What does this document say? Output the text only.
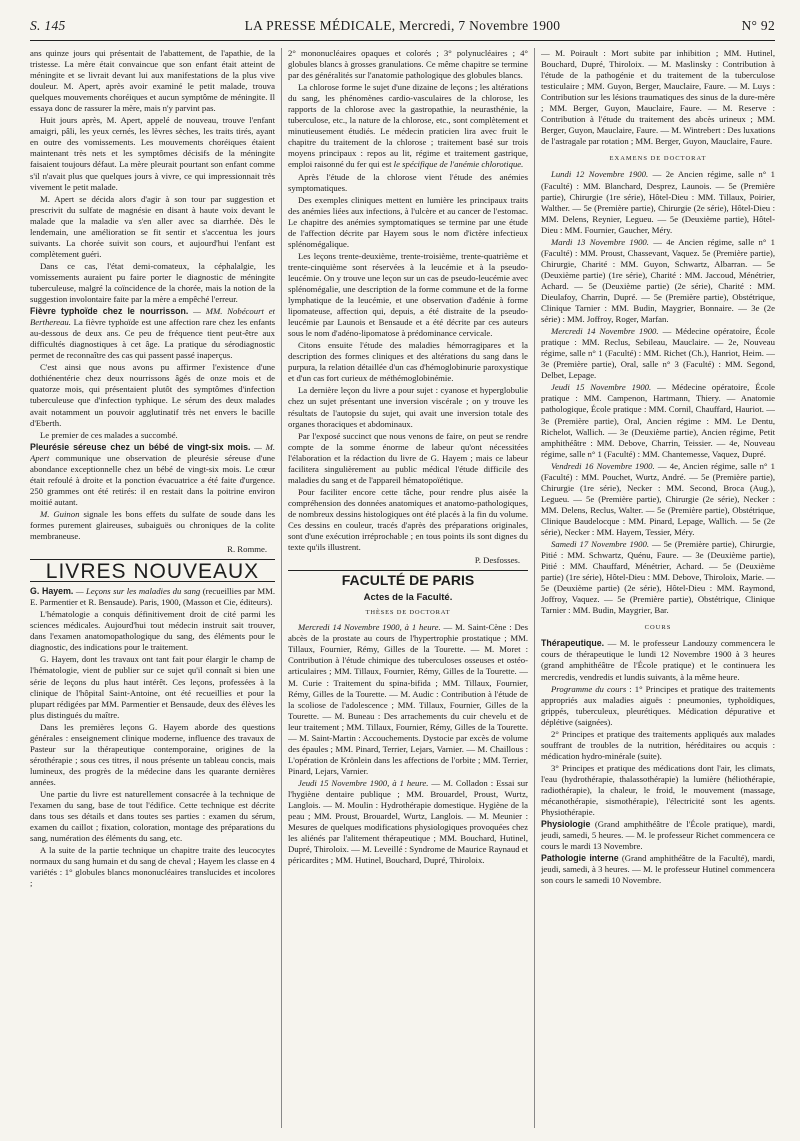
S. 145	LA PRESSE MÉDICALE, Mercredi, 7 Novembre 1900	N° 92

ans quinze jours qui présentait de l'abattement, de l'apathie, de la tristesse. La mère était convaincue que son enfant était atteint de méningite et se livrait devant lui aux manifestations de la plus vive douleur. M. Apert, après avoir examiné le petit malade, trouva quelques mouvements choréiques et aucun symptôme de méningite. Il essaya donc de rassurer la mère, mais n'y parvint pas.

Huit jours après, M. Apert, appelé de nouveau, trouve l'enfant amaigri, pâli, les yeux cernés, les lèvres sèches, les traits tirés, ayant en outre des vomissements. Les mouvements choréiques étaient maintenant très nets et les symptômes décisifs de la méningite faisaient toujours défaut. La mère pleurait pourtant son enfant comme s'il n'avait plus que quelques jours à vivre, ce qui impressionnait très vivement le petit malade.

M. Apert se décida alors d'agir à son tour par suggestion et prescrivit du sulfate de magnésie en disant à haute voix devant le malade que la maladie va s'en aller avec sa diarrhée. Dès le lendemain, une amélioration se fit sentir et s'accentua les jours suivants. La chorée suivit son cours, et aujourd'hui l'enfant est complètement guéri.

Dans ce cas, l'état demi-comateux, la céphalalgie, les vomissements auraient pu faire porter le diagnostic de méningite tuberculeuse, malgré la coïncidence de la chorée, mais la notion de la suggestion involontaire faite par la mère a empêché l'erreur.

Fièvre typhoïde chez le nourrisson. — MM. Nobécourt et Berthereau. La fièvre typhoïde est une affection rare chez les enfants au-dessous de deux ans. Ce peu de fréquence tient peut-être aux difficultés diagnostiques à cet âge. La pratique du sérodiagnostic permet de reconnaître des cas qui passent passé inaperçus.

C'est ainsi que nous avons pu affirmer l'existence d'une dothiénentérie chez deux nourrissons âgés de onze mois et de quatorze mois, qui présentaient plutôt des symptômes d'infection tuberculeuse que d'infection typhique. Le sérum des deux malades avait notamment un pouvoir agglutinatif très net envers le bacille d'Eberth.

Le premier de ces malades a succombé.

Pleurésie séreuse chez un bébé de vingt-six mois. — M. Apert communique une observation de pleurésie séreuse d'une abondance exceptionnelle chez un bébé de vingt-six mois. Le cœur était refoulé à droite et la ponction évacuatrice a été faite d'urgence. 250 grammes ont été retirés: il en restait dans la poitrine environ moitié autant.

M. Guinon signale les bons effets du sulfate de soude dans les formes purement glaireuses, subaiguës ou chroniques de la colite membraneuse.

R. Romme.

LIVRES NOUVEAUX

G. Hayem. — Leçons sur les maladies du sang (recueillies par MM. E. Parmentier et R. Bensaude). Paris, 1900, (Masson et Cie, éditeurs).

L'hématologie a conquis définitivement droit de cité parmi les sciences médicales. Aujourd'hui tout médecin instruit sait trouver, dans l'examen anatomopathologique du sang, des éléments pour le diagnostic, des indications pour le traitement.

G. Hayem, dont les travaux ont tant fait pour élargir le champ de l'hématologie, vient de publier sur ce sujet qu'il connaît si bien une série de leçons du plus haut intérêt. Ces leçons, professées à la clinique de l'hôpital Saint-Antoine, ont été recueillies et pour la plupart rédigées par MM. Parmentier et Bensaude, deux des élèves les plus distingués du maître.

Dans les premières leçons G. Hayem aborde des questions générales : enseignement clinique moderne, influence des travaux de Pasteur sur la thérapeutique contemporaine, origines de la sérothérapie ; sous ces titres, il nous présente un tableau concis, mais lumineux, des progrès de la médecine dans les quarante dernières années.

Une partie du livre est naturellement consacrée à la technique de l'examen du sang, base de tout l'édifice. Cette technique est décrite dans tous ses détails et dans toutes ses parties : examen du sérum, examen du caillot ; fixation, coloration, montage des préparations du sang, numération des éléments du sang, etc.

A la suite de la partie technique un chapitre traite des leucocytes normaux du sang humain et du sang de cheval ; Hayem les classe en 4 variétés : 1° globules blancs mononucléaires translucides et incolores ;

2° mononucléaires opaques et colorés ; 3° polynucléaires ; 4° globules blancs à grosses granulations. Ce même chapitre se termine par des généralités sur l'anatomie pathologique des globules blancs.

La chlorose forme le sujet d'une dizaine de leçons ; les altérations du sang, les phénomènes cardio-vasculaires de la chlorose, les rapports de la chlorose avec la gastropathie, la neurasthénie, la tuberculose, etc., la nature de la chlorose, etc., sont complètement et minutieusement étudiés. Le médecin praticien lira avec fruit le chapitre du traitement de la chlorose ; traitement basé sur trois moyens principaux : repos au lit, régime et traitement gastrique, emploi raisonné du fer qui est le spécifique de l'anémie chlorotique.

Après l'étude de la chlorose vient l'étude des anémies symptomatiques.

Des exemples cliniques mettent en lumière les principaux traits des anémies liées aux infections, à l'ulcère et au cancer de l'estomac. Le chapitre des anémies symptomatiques se termine par une étude de l'affection décrite par Hayem sous le nom d'ictère infectieux splénomégalique.

Les leçons trente-deuxième, trente-troisième, trente-quatrième et trente-cinquième sont réservées à la leucémie et à la pseudo-leucémie. On y trouve une leçon sur un cas de pseudo-leucémie avec splénomégalie, une description de la forme commune et de la forme lymphatique de la leucémie, et une observation d'adénie à forme lipomateuse, affection qui, depuis, a été distraite de la pseudo-leucémie par Launois et Bensaude et a été décrite par ces auteurs sous le nom d'adéno-lipomatose à prédominance cervicale.

Citons ensuite l'étude des maladies hémorragipares et la description des formes cliniques et des altérations du sang dans le purpura, la relation détaillée d'un cas d'hémoglobinurie paroxystique et d'un cas fort curieux de méthémoglobinémie.

La dernière leçon du livre a pour sujet : cyanose et hyperglobulie chez un sujet présentant une inversion viscérale ; on y trouve les résultats de l'autopsie du sujet, qui avait une inversion totale des organes thoraciques et abdominaux.

Par l'exposé succinct que nous venons de faire, on peut se rendre compte de la somme énorme de labeur qu'ont nécessitées l'élaboration et la rédaction du livre de G. Hayem ; mais ce labeur facilitera singulièrement au public médical l'étude difficile des maladies du sang et de l'appareil hématopoïétique.

Pour faciliter encore cette tâche, pour rendre plus aisée la compréhension des données anatomiques et anatomo-pathologiques, de nombreux dessins histologiques ont été placés à la fin du volume. Ces dessins en couleur, tracés d'après des préparations originales, sont d'une exécution irréprochable ; en tous points ils sont dignes du texte qu'ils illustrent.

P. Desfosses.

FACULTÉ DE PARIS
Actes de la Faculté.
THÈSES DE DOCTORAT

Mercredi 14 Novembre 1900, à 1 heure. — M. Saint-Cène : Des abcès de la prostate au cours de l'hypertrophie prostatique ; MM. Tillaux, Fournier, Rémy, Gilles de la Tourette. — M. Moret : Contribution à l'étude chimique des tuberculoses osseuses et ostéo-articulaires ; MM. Tillaux, Fournier, Rémy, Gilles de la Tourette. — M. Curie : Traitement du spina-bifida ; MM. Tillaux, Fournier, Rémy, Gilles de la Tourette. — M. Audic : Contribution à l'étude de la scoliose de l'adolescence ; MM. Tillaux, Fournier, Gilles de la Tourette. — M. Buneau : Des arrachements du cuir chevelu et de leur traitement ; MM. Tillaux, Fournier, Rémy, Gilles de la Tourette. — M. Saint-Martin : Accouchements. Dystocie par excès de volume des épaules ; MM. Pinard, Terrier, Lejars, Varnier. — M. Chaillous : L'opération de Krönlein dans les affections de l'orbite ; MM. Terrier, Pinard, Lejars, Varnier.

Jeudi 15 Novembre 1900, à 1 heure. — M. Colladon : Essai sur l'hygiène dentaire publique ; MM. Brouardel, Proust, Wurtz, Langlois. — M. Moulin : Hydrothérapie domestique. Hygiène de la peau ; MM. Proust, Brouardel, Wurtz, Langlois. — M. Meunier : Mesures de quelques modifications physiologiques provoquées chez les aliénés par l'alitement thérapeutique ; MM. Bouchard, Hutinel, Dupré, Thiroloix. — M. Leveillé : Syndrome de Maurice Raynaud et péricardites ; MM. Hutinel, Bouchard, Dupré, Thiroloix.

— M. Poirault : Mort subite par inhibition ; MM. Hutinel, Bouchard, Dupré, Thiroloix. — M. Maslinsky : Contribution à l'étude de la pathogénie et du traitement de la tuberculose testiculaire ; MM. Guyon, Berger, Mauclaire, Faure. — M. Luys : Contribution sur les lésions traumatiques des sinus de la dure-mère ; MM. Berger, Guyon, Mauclaire, Faure. — M. Reserve : Contribution à l'étude du traitement des abcès urineux ; MM. Berger, Guyon, Mauclaire, Faure. — M. Wintrebert : Des luxations de l'astragale par rotation ; MM. Berger, Guyon, Mauclaire, Faure.

EXAMENS DE DOCTORAT

Lundi 12 Novembre 1900. — 2e Ancien régime, salle n° 1 (Faculté) : MM. Blanchard, Desprez, Launois. — 5e (Première partie), Chirurgie (1re série), Hôtel-Dieu : MM. Tillaux, Poirier, Walther. — 5e (Première partie), Chirurgie (2e série), Hôtel-Dieu : MM. Delens, Reynier, Legueu. — 5e (Deuxième partie), Hôtel-Dieu : MM. Fournier, Gaucher, Méry.

Mardi 13 Novembre 1900. — 4e Ancien régime, salle n° 1 (Faculté) : MM. Proust, Chassevant, Vaquez. 5e (Première partie), Chirurgie, Charité : MM. Guyon, Schwartz, Albarran. — 5e (Deuxième partie) (1re série), Charité : MM. Jaccoud, Ménétrier, Achard. — 5e (Deuxième partie) (2e série), Charité : MM. Dieulafoy, Charrin, Dupré. — 5e (Première partie), Obstétrique, Clinique Tarnier : MM. Budin, Maygrier, Bonnaire. — 3e (2e série) : MM. Joffroy, Roger, Marfan.

Mercredi 14 Novembre 1900. — Médecine opératoire, École pratique : MM. Reclus, Sebileau, Mauclaire. — 2e, Nouveau régime, salle n° 1 (Faculté) : MM. Richet (Ch.), Hanriot, Heim. — 3e (Première partie), Oral, salle n° 3 (Faculté) : MM. Segond, Delbet, Lepage.

Jeudi 15 Novembre 1900. — Médecine opératoire, École pratique : MM. Campenon, Hartmann, Thiery. — Anatomie pathologique, École pratique : MM. Cornil, Chauffard, Hauriot. — 3e (Première partie), Oral, Ancien régime : MM. Le Dentu, Richelot, Wallich. — 3e (Deuxième partie), Ancien régime, Petit amphithéâtre : MM. Debove, Charrin, Teissier. — 4e, Nouveau régime, salle n° 1 (Faculté) : MM. Chantemesse, Vaquez, Dupré.

Vendredi 16 Novembre 1900. — 4e, Ancien régime, salle n° 1 (Faculté) : MM. Pouchet, Wurtz, André. — 5e (Première partie), Chirurgie (1re série), Necker : MM. Second, Broca (Aug.), Legueu. — 5e (Première partie), Chirurgie (2e série), Necker : MM. Delens, Reclus, Walter. — 5e (Première partie), Obstétrique, Clinique Baudelocque : MM. Pinard, Lepage, Wallich. — 5e (2e série), Necker : MM. Hayem, Tessier, Méry.

Samedi 17 Novembre 1900. — 5e (Première partie), Chirurgie, Pitié : MM. Schwartz, Quénu, Faure. — 3e (Deuxième partie), Pitié : MM. Chauffard, Ménétrier, Achard. — 5e (Deuxième partie) (1re série), Hôtel-Dieu : MM. Debove, Thiroloix, Marie. — 5e (Deuxième partie) (2e série), Hôtel-Dieu : MM. Raymond, Joffroy, Vaquez. — 5e (Première partie), Obstétrique, Clinique Tarnier : MM. Budin, Maygrier, Bar.

COURS

Thérapeutique. — M. le professeur Landouzy commencera le cours de thérapeutique le lundi 12 Novembre 1900 à 3 heures (grand amphithéâtre de l'École pratique) et le continuera les mercredis, vendredis et lundis suivants, à la même heure.

Programme du cours : 1° Principes et pratique des traitements appropriés aux maladies aiguës : pneumonies, typhoïdiques, grippés, tuberculeux, pleurétiques. Médication dépurative et déplétive (saignées).

2° Principes et pratique des traitements appliqués aux malades souffrant de troubles de la nutrition, héréditaires ou acquis : médication hydro-minérale (suite).

3° Principes et pratique des médications dont l'air, les climats, l'eau (hydrothérapie, thalassothérapie) la lumière (héliothérapie, radiothérapie), la chaleur, le froid, le mouvement (massage, mécanothérapie, sismothérapie), l'électricité sont les agents. Physiothérapie.

Physiologie (Grand amphithéâtre de l'École pratique), mardi, jeudi, samedi, 5 heures. — M. le professeur Richet commencera ce cours le mardi 13 Novembre.

Pathologie interne (Grand amphithéâtre de la Faculté), mardi, jeudi, samedi, à 3 heures. — M. le professeur Hutinel commencera son cours le samedi 10 Novembre.
